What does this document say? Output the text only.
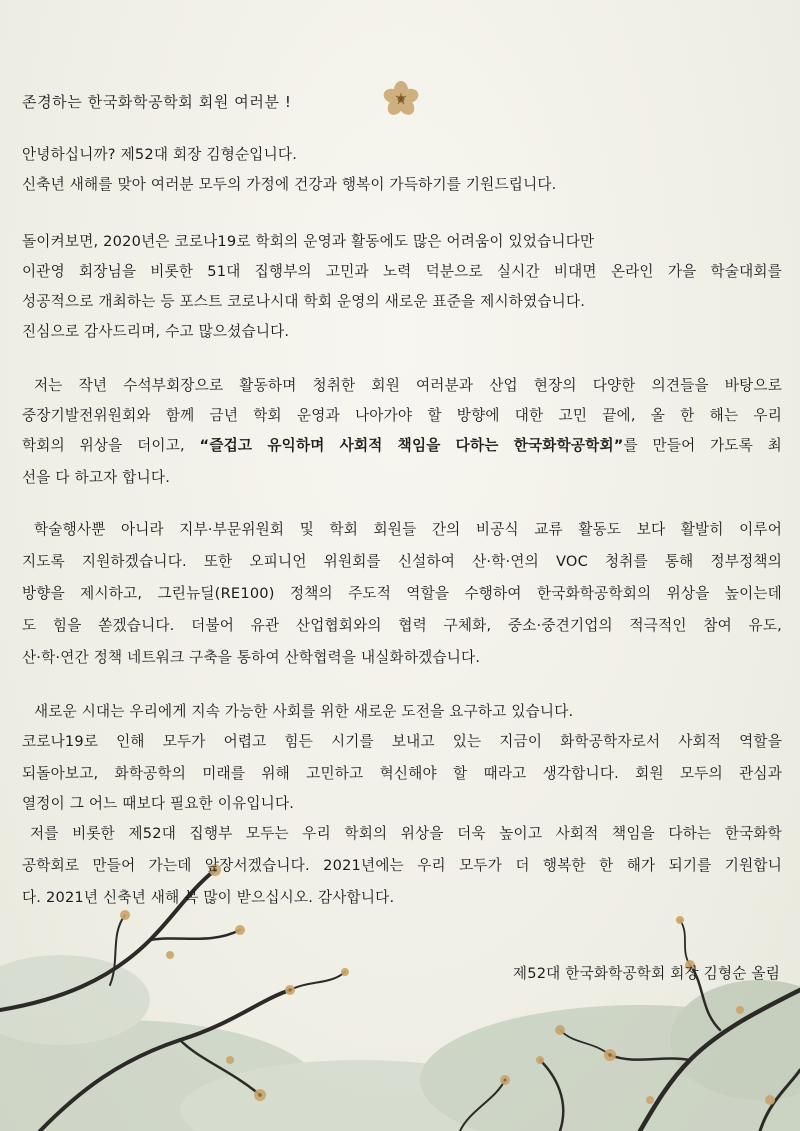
존경하는 한국화학공학회 회원 여러분 !
안녕하십니까? 제52대 회장 김형순입니다.
신축년 새해를 맞아 여러분 모두의 가정에 건강과 행복이 가득하기를 기원드립니다.
돌이켜보면, 2020년은 코로나19로 학회의 운영과 활동에도 많은 어려움이 있었습니다만
이관영 회장님을 비롯한 51대 집행부의 고민과 노력 덕분으로 실시간 비대면 온라인 가을 학술대회를
성공적으로 개최하는 등 포스트 코로나시대 학회 운영의 새로운 표준을 제시하였습니다.
진심으로 감사드리며, 수고 많으셨습니다.
저는 작년 수석부회장으로 활동하며 청취한 회원 여러분과 산업 현장의 다양한 의견들을 바탕으로
중장기발전위원회와 함께 금년 학회 운영과 나아가야 할 방향에 대한 고민 끝에, 올 한 해는 우리
학회의 위상을 더이고, “즐겁고 유익하며 사회적 책임을 다하는 한국화학공학회”를 만들어 가도록 최
선을 다 하고자 합니다.
학술행사뿐 아니라 지부·부문위원회 및 학회 회원들 간의 비공식 교류 활동도 보다 활발히 이루어
지도록 지원하겠습니다. 또한 오피니언 위원회를 신설하여 산·학·연의 VOC 청취를 통해 정부정책의
방향을 제시하고, 그린뉴딜(RE100) 정책의 주도적 역할을 수행하여 한국화학공학회의 위상을 높이는데
도 힘을 쏟겠습니다. 더불어 유관 산업협회와의 협력 구체화, 중소·중견기업의 적극적인 참여 유도,
산·학·연간 정책 네트워크 구축을 통하여 산학협력을 내실화하겠습니다.
새로운 시대는 우리에게 지속 가능한 사회를 위한 새로운 도전을 요구하고 있습니다.
코로나19로 인해 모두가 어렵고 힘든 시기를 보내고 있는 지금이 화학공학자로서 사회적 역할을
되돌아보고, 화학공학의 미래를 위해 고민하고 혁신해야 할 때라고 생각합니다. 회원 모두의 관심과
열정이 그 어느 때보다 필요한 이유입니다.
저를 비롯한 제52대 집행부 모두는 우리 학회의 위상을 더욱 높이고 사회적 책임을 다하는 한국화학
공학회로 만들어 가는데 앞장서겠습니다. 2021년에는 우리 모두가 더 행복한 한 해가 되기를 기원합니
다. 2021년 신축년 새해 복 많이 받으십시오. 감사합니다.
제52대 한국화학공학회 회장 김형순 올림
